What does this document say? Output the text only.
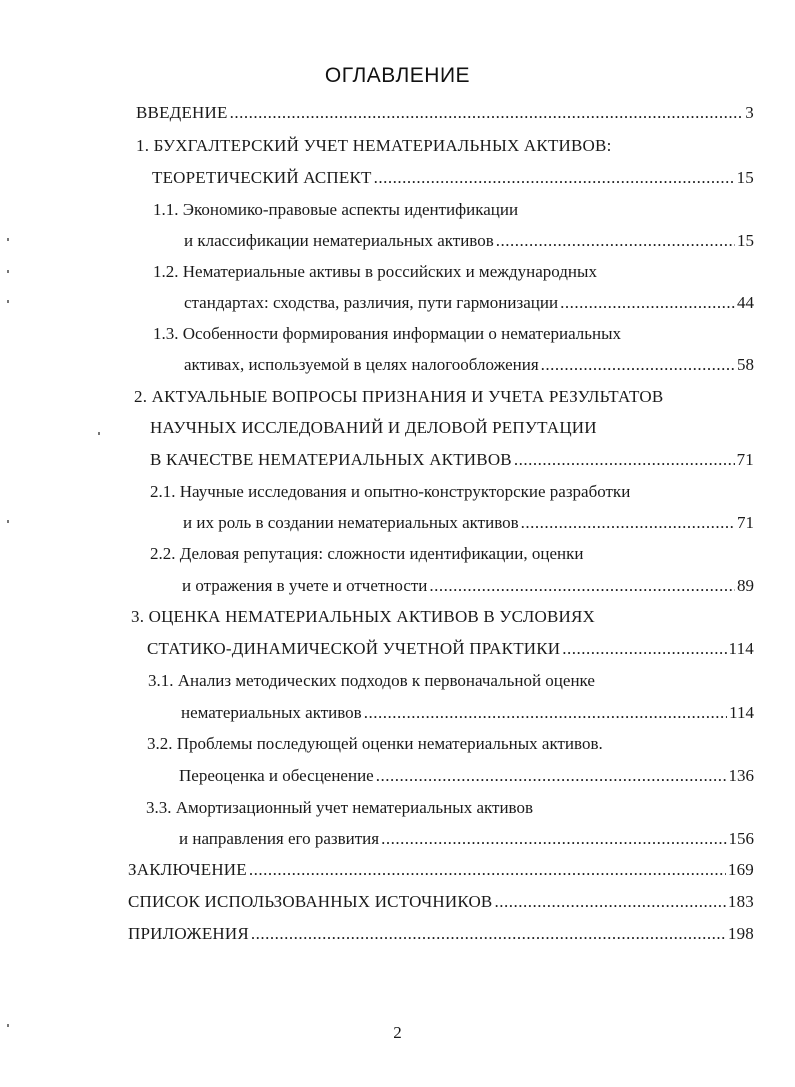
ОГЛАВЛЕНИЕ
ВВЕДЕНИЕ .....	3
1. БУХГАЛТЕРСКИЙ УЧЕТ НЕМАТЕРИАЛЬНЫХ АКТИВОВ:
ТЕОРЕТИЧЕСКИЙ АСПЕКТ .....	15
1.1. Экономико-правовые аспекты идентификации
и классификации нематериальных активов .....	15
1.2. Нематериальные активы в российских и международных
стандартах: сходства, различия, пути гармонизации .....	44
1.3. Особенности формирования информации о нематериальных
активах, используемой в целях налогообложения .....	58
2. АКТУАЛЬНЫЕ ВОПРОСЫ ПРИЗНАНИЯ И УЧЕТА РЕЗУЛЬТАТОВ
НАУЧНЫХ ИССЛЕДОВАНИЙ И ДЕЛОВОЙ РЕПУТАЦИИ
В КАЧЕСТВЕ НЕМАТЕРИАЛЬНЫХ АКТИВОВ .....	71
2.1. Научные исследования и опытно-конструкторские разработки
и их роль в создании нематериальных активов .....	71
2.2. Деловая репутация: сложности идентификации, оценки
и отражения в учете и отчетности .....	89
3. ОЦЕНКА НЕМАТЕРИАЛЬНЫХ АКТИВОВ В УСЛОВИЯХ
СТАТИКО-ДИНАМИЧЕСКОЙ УЧЕТНОЙ ПРАКТИКИ .....	114
3.1. Анализ методических подходов к первоначальной оценке
нематериальных активов .....	114
3.2. Проблемы последующей оценки нематериальных активов.
Переоценка и обесценение .....	136
3.3. Амортизационный учет нематериальных активов
и направления его развития .....	156
ЗАКЛЮЧЕНИЕ .....	169
СПИСОК ИСПОЛЬЗОВАННЫХ ИСТОЧНИКОВ .....	183
ПРИЛОЖЕНИЯ .....	198
2
